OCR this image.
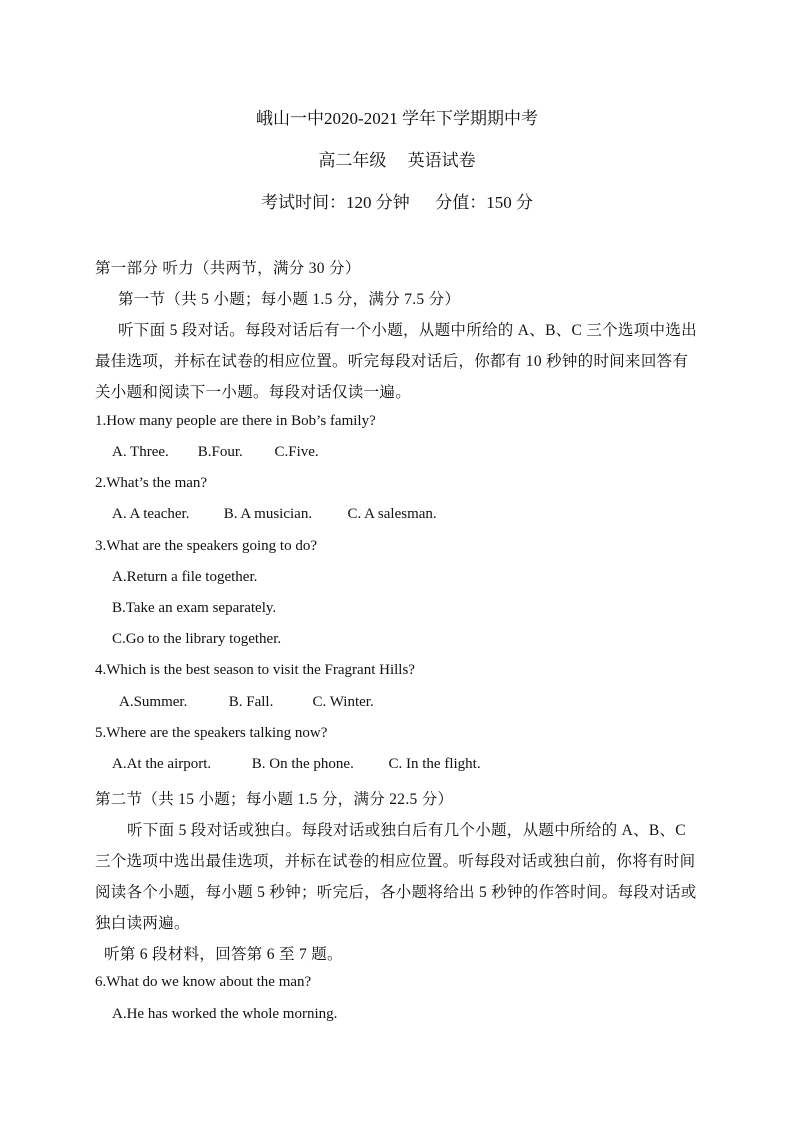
峨山一中2020-2021 学年下学期期中考
高二年级     英语试卷
考试时间：120 分钟      分值：150 分
第一部分 听力（共两节，满分 30 分）
第一节（共 5 小题；每小题 1.5 分，满分 7.5 分）
听下面 5 段对话。每段对话后有一个小题，从题中所给的 A、B、C 三个选项中选出
最佳选项，并标在试卷的相应位置。听完每段对话后，你都有 10 秒钟的时间来回答有
关小题和阅读下一小题。每段对话仅读一遍。
1.How many people are there in Bob’s family?
A. Three. B.Four. C.Five.
2.What’s the man?
A. A teacher. B. A musician. C. A salesman.
3.What are the speakers going to do?
A.Return a file together.
B.Take an exam separately.
C.Go to the library together.
4.Which is the best season to visit the Fragrant Hills?
A.Summer.	B. Fall.	C. Winter.
5.Where are the speakers talking now?
A.At the airport.	B. On the phone. C. In the flight.
第二节（共 15 小题；每小题 1.5 分，满分 22.5 分）
听下面 5 段对话或独白。每段对话或独白后有几个小题，从题中所给的 A、B、C
三个选项中选出最佳选项，并标在试卷的相应位置。听每段对话或独白前，你将有时间
阅读各个小题，每小题 5 秒钟；听完后，各小题将给出 5 秒钟的作答时间。每段对话或
独白读两遍。
听第 6 段材料，回答第 6 至 7 题。
6.What do we know about the man?
A.He has worked the whole morning.
